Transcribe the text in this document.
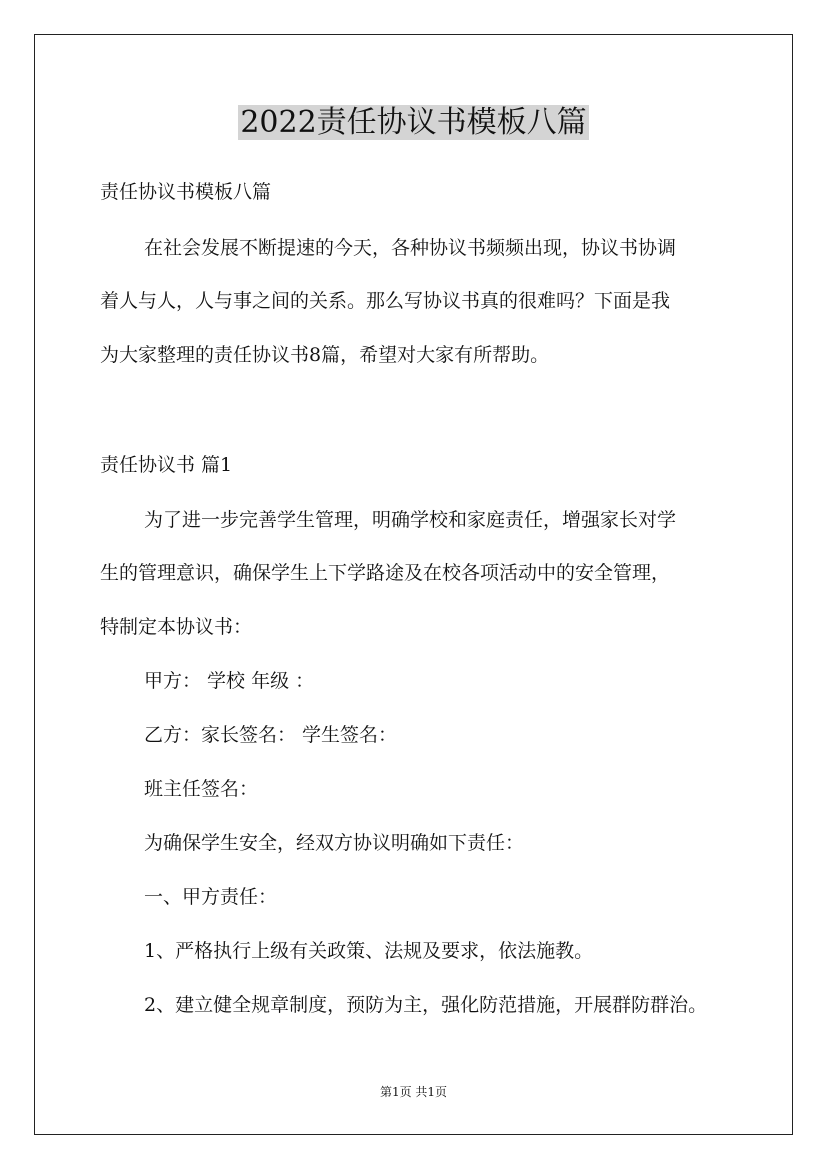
2022责任协议书模板八篇

责任协议书模板八篇

在社会发展不断提速的今天，各种协议书频频出现，协议书协调

着人与人，人与事之间的关系。那么写协议书真的很难吗？下面是我

为大家整理的责任协议书8篇，希望对大家有所帮助。

责任协议书 篇1

为了进一步完善学生管理，明确学校和家庭责任，增强家长对学

生的管理意识，确保学生上下学路途及在校各项活动中的安全管理，

特制定本协议书：

甲方： 学校 年级 ：

乙方：家长签名： 学生签名：

班主任签名：

为确保学生安全，经双方协议明确如下责任：

一、甲方责任：

1、严格执行上级有关政策、法规及要求，依法施教。

2、建立健全规章制度，预防为主，强化防范措施，开展群防群治。

第1页 共1页
